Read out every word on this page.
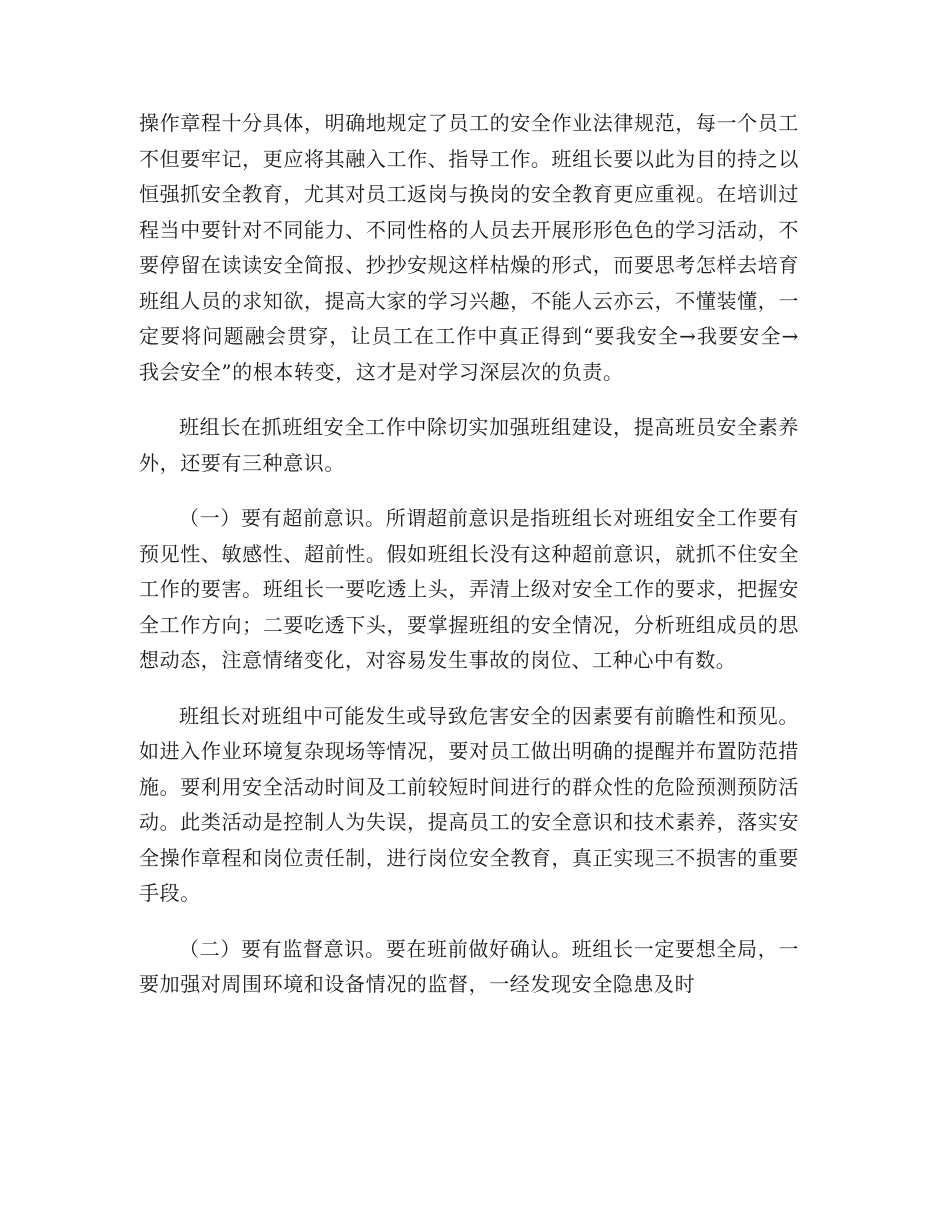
操作章程十分具体，明确地规定了员工的安全作业法律规范，每一个员工不但要牢记，更应将其融入工作、指导工作。班组长要以此为目的持之以恒强抓安全教育，尤其对员工返岗与换岗的安全教育更应重视。在培训过程当中要针对不同能力、不同性格的人员去开展形形色色的学习活动，不要停留在读读安全简报、抄抄安规这样枯燥的形式，而要思考怎样去培育班组人员的求知欲，提高大家的学习兴趣，不能人云亦云，不懂装懂，一定要将问题融会贯穿，让员工在工作中真正得到“要我安全→我要安全→我会安全”的根本转变，这才是对学习深层次的负责。

班组长在抓班组安全工作中除切实加强班组建设，提高班员安全素养外，还要有三种意识。

（一）要有超前意识。所谓超前意识是指班组长对班组安全工作要有预见性、敏感性、超前性。假如班组长没有这种超前意识，就抓不住安全工作的要害。班组长一要吃透上头，弄清上级对安全工作的要求，把握安全工作方向；二要吃透下头，要掌握班组的安全情况，分析班组成员的思想动态，注意情绪变化，对容易发生事故的岗位、工种心中有数。

班组长对班组中可能发生或导致危害安全的因素要有前瞻性和预见。如进入作业环境复杂现场等情况，要对员工做出明确的提醒并布置防范措施。要利用安全活动时间及工前较短时间进行的群众性的危险预测预防活动。此类活动是控制人为失误，提高员工的安全意识和技术素养，落实安全操作章程和岗位责任制，进行岗位安全教育，真正实现三不损害的重要手段。

（二）要有监督意识。要在班前做好确认。班组长一定要想全局，一要加强对周围环境和设备情况的监督，一经发现安全隐患及时
